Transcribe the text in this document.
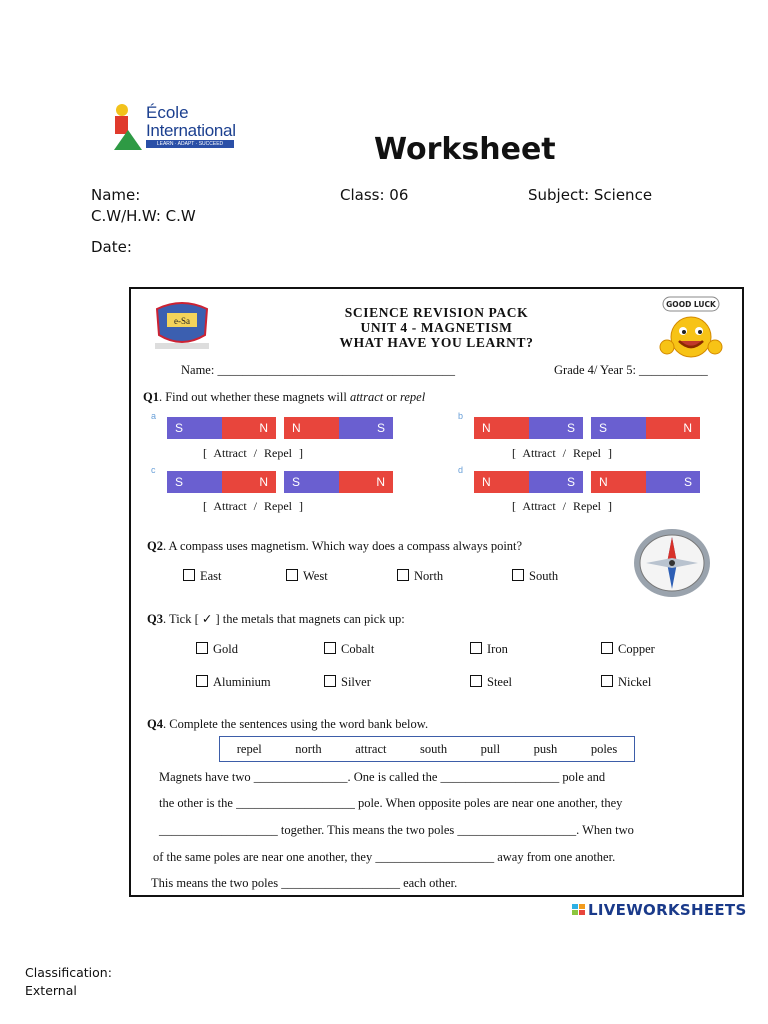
École
International
LEARN · ADAPT · SUCCEED	Worksheet
Name:	Class: 06	Subject: Science
C.W/H.W: C.W
Date:
e-Sa
SCIENCE REVISION PACK
UNIT 4 - MAGNETISM
WHAT HAVE YOU LEARNT?
GOOD LUCK
Name: ______________________________________	Grade 4/ Year 5: ___________
Q1. Find out whether these magnets will attract or repel
[ Attract / Repel ]	[ Attract / Repel ]
[ Attract / Repel ]	[ Attract / Repel ]
Q2. A compass uses magnetism. Which way does a compass always point?
East	West	North	South
Q3. Tick [ ✓ ] the metals that magnets can pick up:
Gold	Cobalt	Iron	Copper
Aluminium	Silver	Steel	Nickel
Q4. Complete the sentences using the word bank below.
repel	north	attract	south	pull	push	poles
Magnets have two _______________. One is called the ___________________ pole and
the other is the ___________________ pole. When opposite poles are near one another, they
___________________ together. This means the two poles ___________________. When two
of the same poles are near one another, they ___________________ away from one another.
This means the two poles ___________________ each other.
a
S	N	N	S
b
N	S	S	N
c
S	N	S	N
d
N	S	N	S
LIVEWORKSHEETS
Classification:
External
